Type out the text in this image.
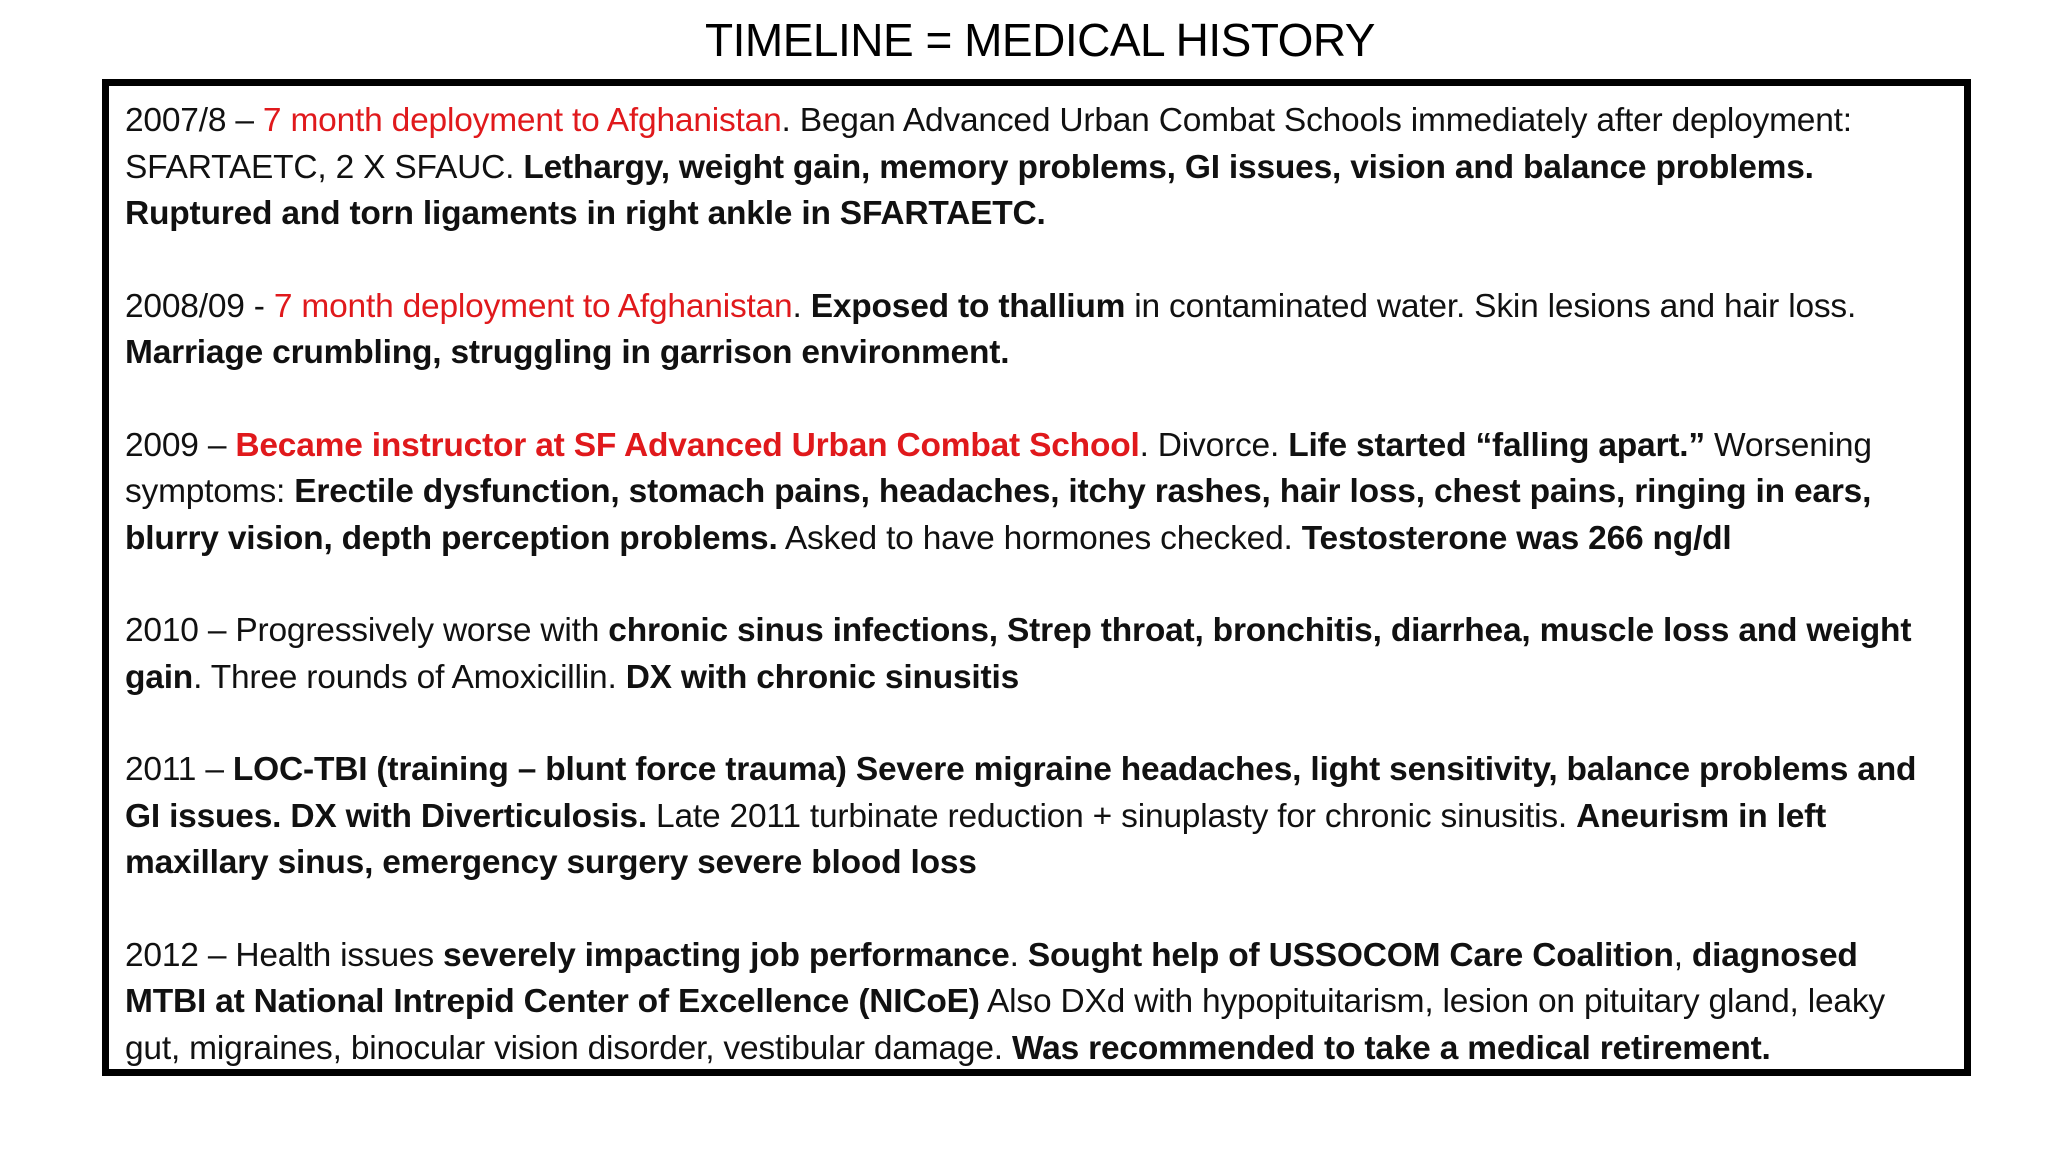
TIMELINE = MEDICAL HISTORY
2007/8 – 7 month deployment to Afghanistan. Began Advanced Urban Combat Schools immediately after deployment: SFARTAETC, 2 X SFAUC. Lethargy, weight gain, memory problems, GI issues, vision and balance problems. Ruptured and torn ligaments in right ankle in SFARTAETC.
2008/09 - 7 month deployment to Afghanistan. Exposed to thallium in contaminated water. Skin lesions and hair loss. Marriage crumbling, struggling in garrison environment.
2009 – Became instructor at SF Advanced Urban Combat School. Divorce. Life started “falling apart.” Worsening symptoms: Erectile dysfunction, stomach pains, headaches, itchy rashes, hair loss, chest pains, ringing in ears, blurry vision, depth perception problems. Asked to have hormones checked. Testosterone was 266 ng/dl
2010 – Progressively worse with chronic sinus infections, Strep throat, bronchitis, diarrhea, muscle loss and weight gain. Three rounds of Amoxicillin. DX with chronic sinusitis
2011 – LOC-TBI (training – blunt force trauma) Severe migraine headaches, light sensitivity, balance problems and GI issues. DX with Diverticulosis. Late 2011 turbinate reduction + sinuplasty for chronic sinusitis. Aneurism in left maxillary sinus, emergency surgery severe blood loss
2012 – Health issues severely impacting job performance. Sought help of USSOCOM Care Coalition, diagnosed MTBI at National Intrepid Center of Excellence (NICoE) Also DXd with hypopituitarism, lesion on pituitary gland, leaky gut, migraines, binocular vision disorder, vestibular damage. Was recommended to take a medical retirement.
